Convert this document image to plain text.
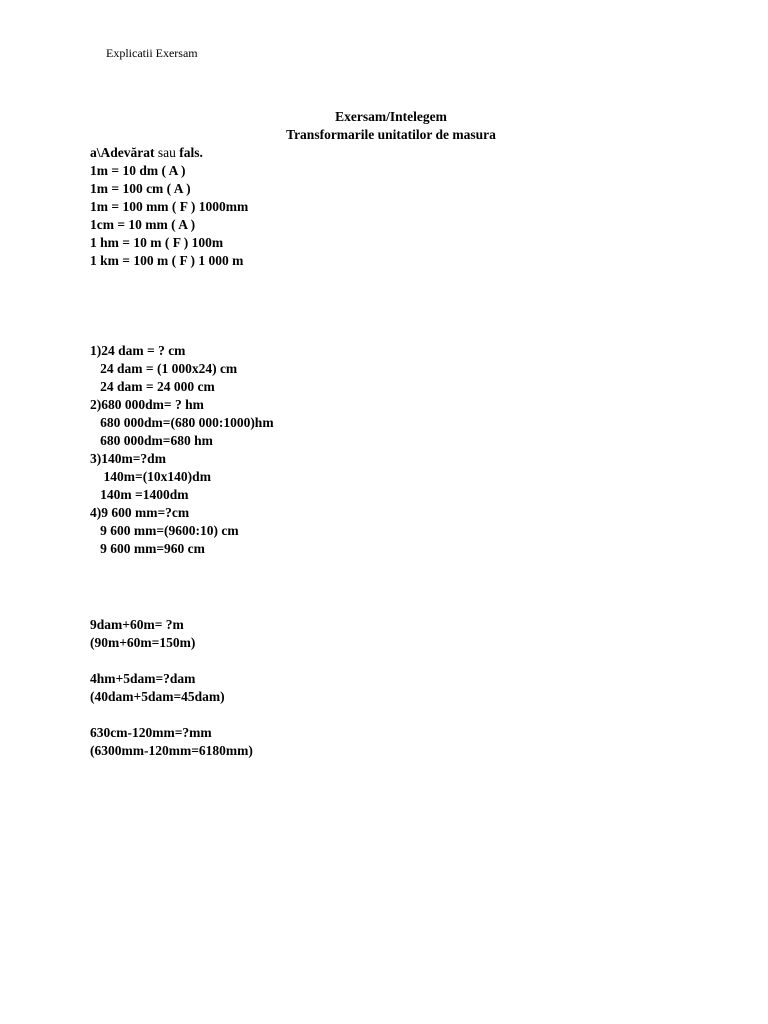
Explicatii Exersam
Exersam/Intelegem
Transformarile unitatilor de masura
a\Adevărat sau fals.
1m = 10 dm ( A )
1m = 100 cm ( A )
1m = 100 mm ( F ) 1000mm
1cm = 10 mm ( A )
1 hm = 10 m ( F ) 100m
1 km = 100 m ( F ) 1 000 m
1)24 dam = ? cm
24 dam = (1 000x24) cm
24 dam = 24 000 cm
2)680 000dm= ? hm
680 000dm=(680 000:1000)hm
680 000dm=680 hm
3)140m=?dm
140m=(10x140)dm
140m =1400dm
4)9 600 mm=?cm
9 600 mm=(9600:10) cm
9 600 mm=960 cm
9dam+60m= ?m
(90m+60m=150m)
4hm+5dam=?dam
(40dam+5dam=45dam)
630cm-120mm=?mm
(6300mm-120mm=6180mm)
